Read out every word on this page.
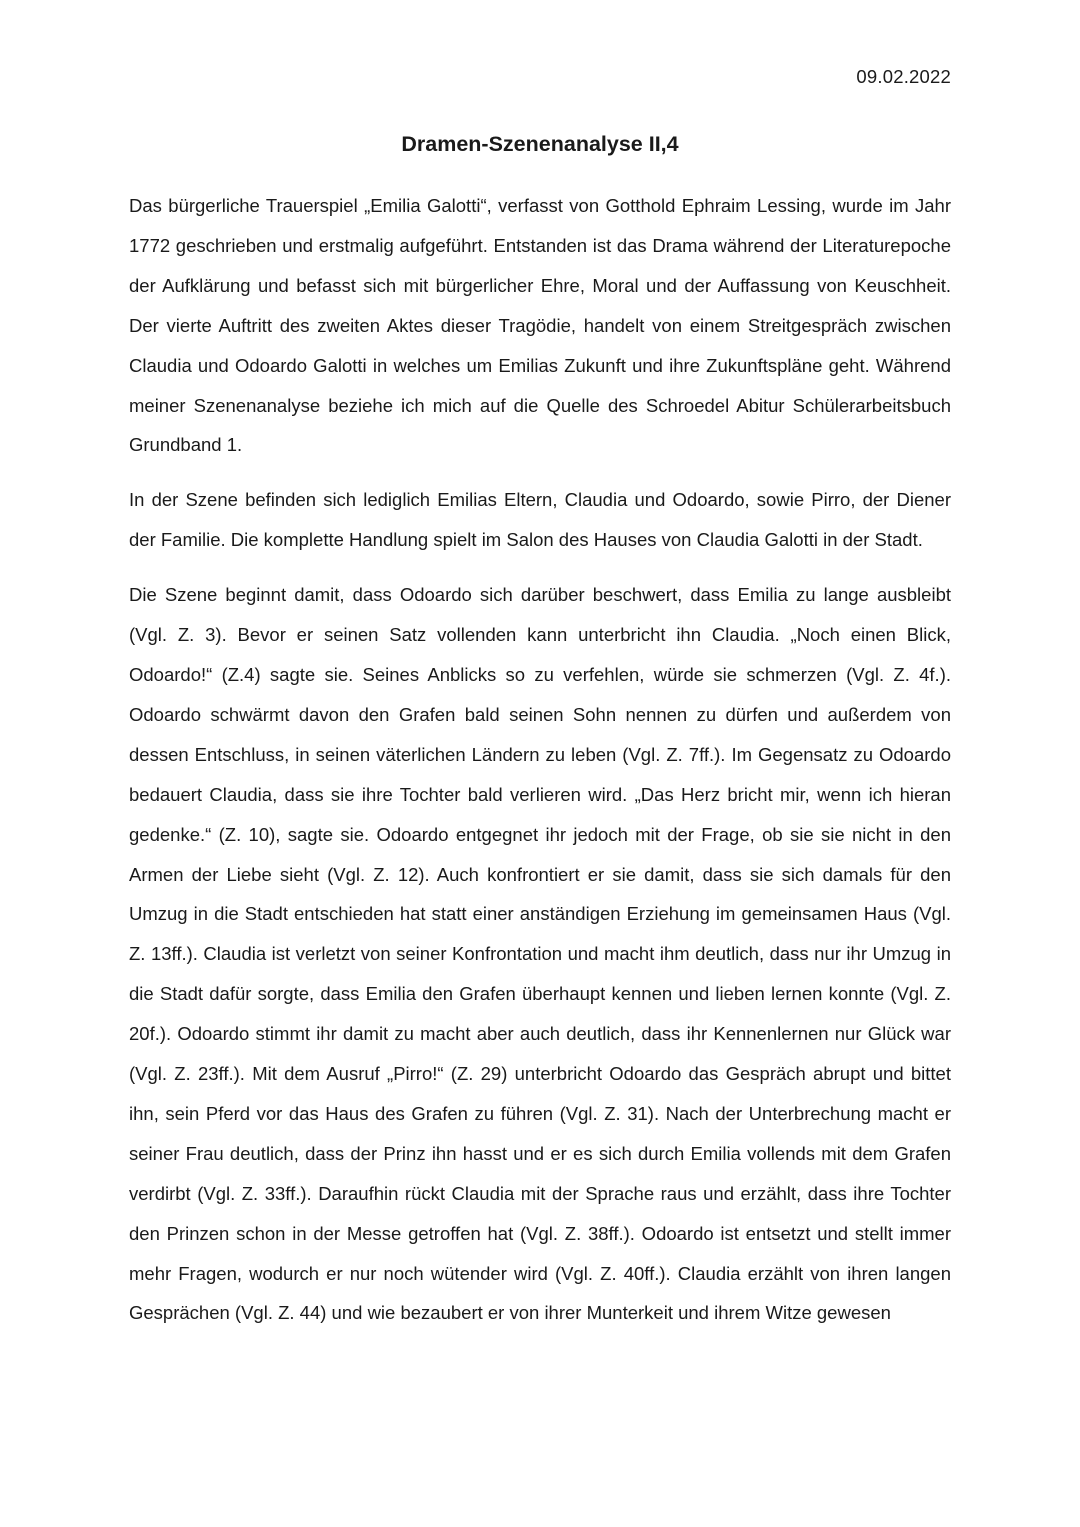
09.02.2022
Dramen-Szenenanalyse II,4

Das bürgerliche Trauerspiel „Emilia Galotti“, verfasst von Gotthold Ephraim Lessing, wurde im Jahr 1772 geschrieben und erstmalig aufgeführt. Entstanden ist das Drama während der Literaturepoche der Aufklärung und befasst sich mit bürgerlicher Ehre, Moral und der Auffassung von Keuschheit. Der vierte Auftritt des zweiten Aktes dieser Tragödie, handelt von einem Streitgespräch zwischen Claudia und Odoardo Galotti in welches um Emilias Zukunft und ihre Zukunftspläne geht. Während meiner Szenenanalyse beziehe ich mich auf die Quelle des Schroedel Abitur Schülerarbeitsbuch Grundband 1.

In der Szene befinden sich lediglich Emilias Eltern, Claudia und Odoardo, sowie Pirro, der Diener der Familie. Die komplette Handlung spielt im Salon des Hauses von Claudia Galotti in der Stadt.

Die Szene beginnt damit, dass Odoardo sich darüber beschwert, dass Emilia zu lange ausbleibt (Vgl. Z. 3). Bevor er seinen Satz vollenden kann unterbricht ihn Claudia. „Noch einen Blick, Odoardo!“ (Z.4) sagte sie. Seines Anblicks so zu verfehlen, würde sie schmerzen (Vgl. Z. 4f.). Odoardo schwärmt davon den Grafen bald seinen Sohn nennen zu dürfen und außerdem von dessen Entschluss, in seinen väterlichen Ländern zu leben (Vgl. Z. 7ff.). Im Gegensatz zu Odoardo bedauert Claudia, dass sie ihre Tochter bald verlieren wird. „Das Herz bricht mir, wenn ich hieran gedenke.“ (Z. 10), sagte sie. Odoardo entgegnet ihr jedoch mit der Frage, ob sie sie nicht in den Armen der Liebe sieht (Vgl. Z. 12). Auch konfrontiert er sie damit, dass sie sich damals für den Umzug in die Stadt entschieden hat statt einer anständigen Erziehung im gemeinsamen Haus (Vgl. Z. 13ff.). Claudia ist verletzt von seiner Konfrontation und macht ihm deutlich, dass nur ihr Umzug in die Stadt dafür sorgte, dass Emilia den Grafen überhaupt kennen und lieben lernen konnte (Vgl. Z. 20f.). Odoardo stimmt ihr damit zu macht aber auch deutlich, dass ihr Kennenlernen nur Glück war (Vgl. Z. 23ff.). Mit dem Ausruf „Pirro!“ (Z. 29) unterbricht Odoardo das Gespräch abrupt und bittet ihn, sein Pferd vor das Haus des Grafen zu führen (Vgl. Z. 31). Nach der Unterbrechung macht er seiner Frau deutlich, dass der Prinz ihn hasst und er es sich durch Emilia vollends mit dem Grafen verdirbt (Vgl. Z. 33ff.). Daraufhin rückt Claudia mit der Sprache raus und erzählt, dass ihre Tochter den Prinzen schon in der Messe getroffen hat (Vgl. Z. 38ff.). Odoardo ist entsetzt und stellt immer mehr Fragen, wodurch er nur noch wütender wird (Vgl. Z. 40ff.). Claudia erzählt von ihren langen Gesprächen (Vgl. Z. 44) und wie bezaubert er von ihrer Munterkeit und ihrem Witze gewesen
